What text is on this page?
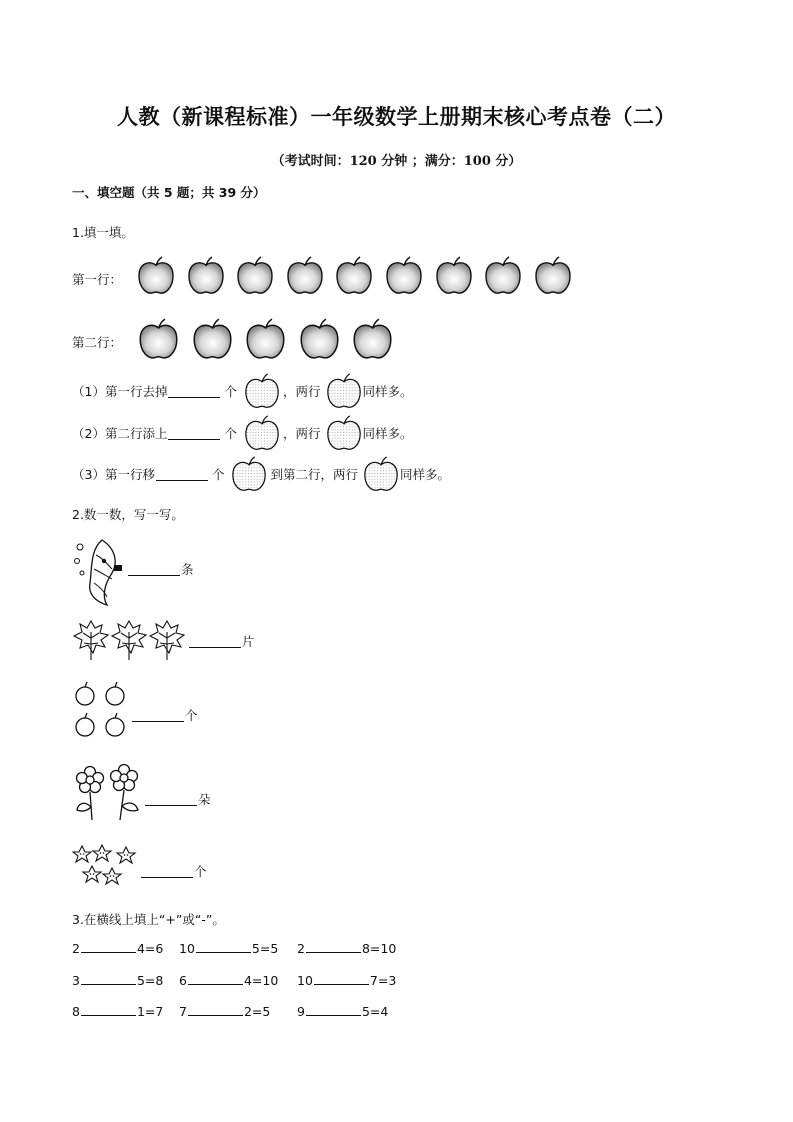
人教（新课程标准）一年级数学上册期末核心考点卷（二）
（考试时间：120 分钟 ；满分：100 分）
一、填空题（共 5 题；共 39 分）
1.填一填。
第一行：
第二行：
（1）第一行去掉	个	，两行	同样多。
（2）第二行添上	个	，两行	同样多。
（3）第一行移	个	到第二行，两行	同样多。
2.数一数，写一写。
条
片
个
朵
个
3.在横线上填上“+”或“-”。
2	4=6 10	5=5 2	8=10
3	5=8 6	4=10 10	7=3
8	1=7 7	2=5 9	5=4
